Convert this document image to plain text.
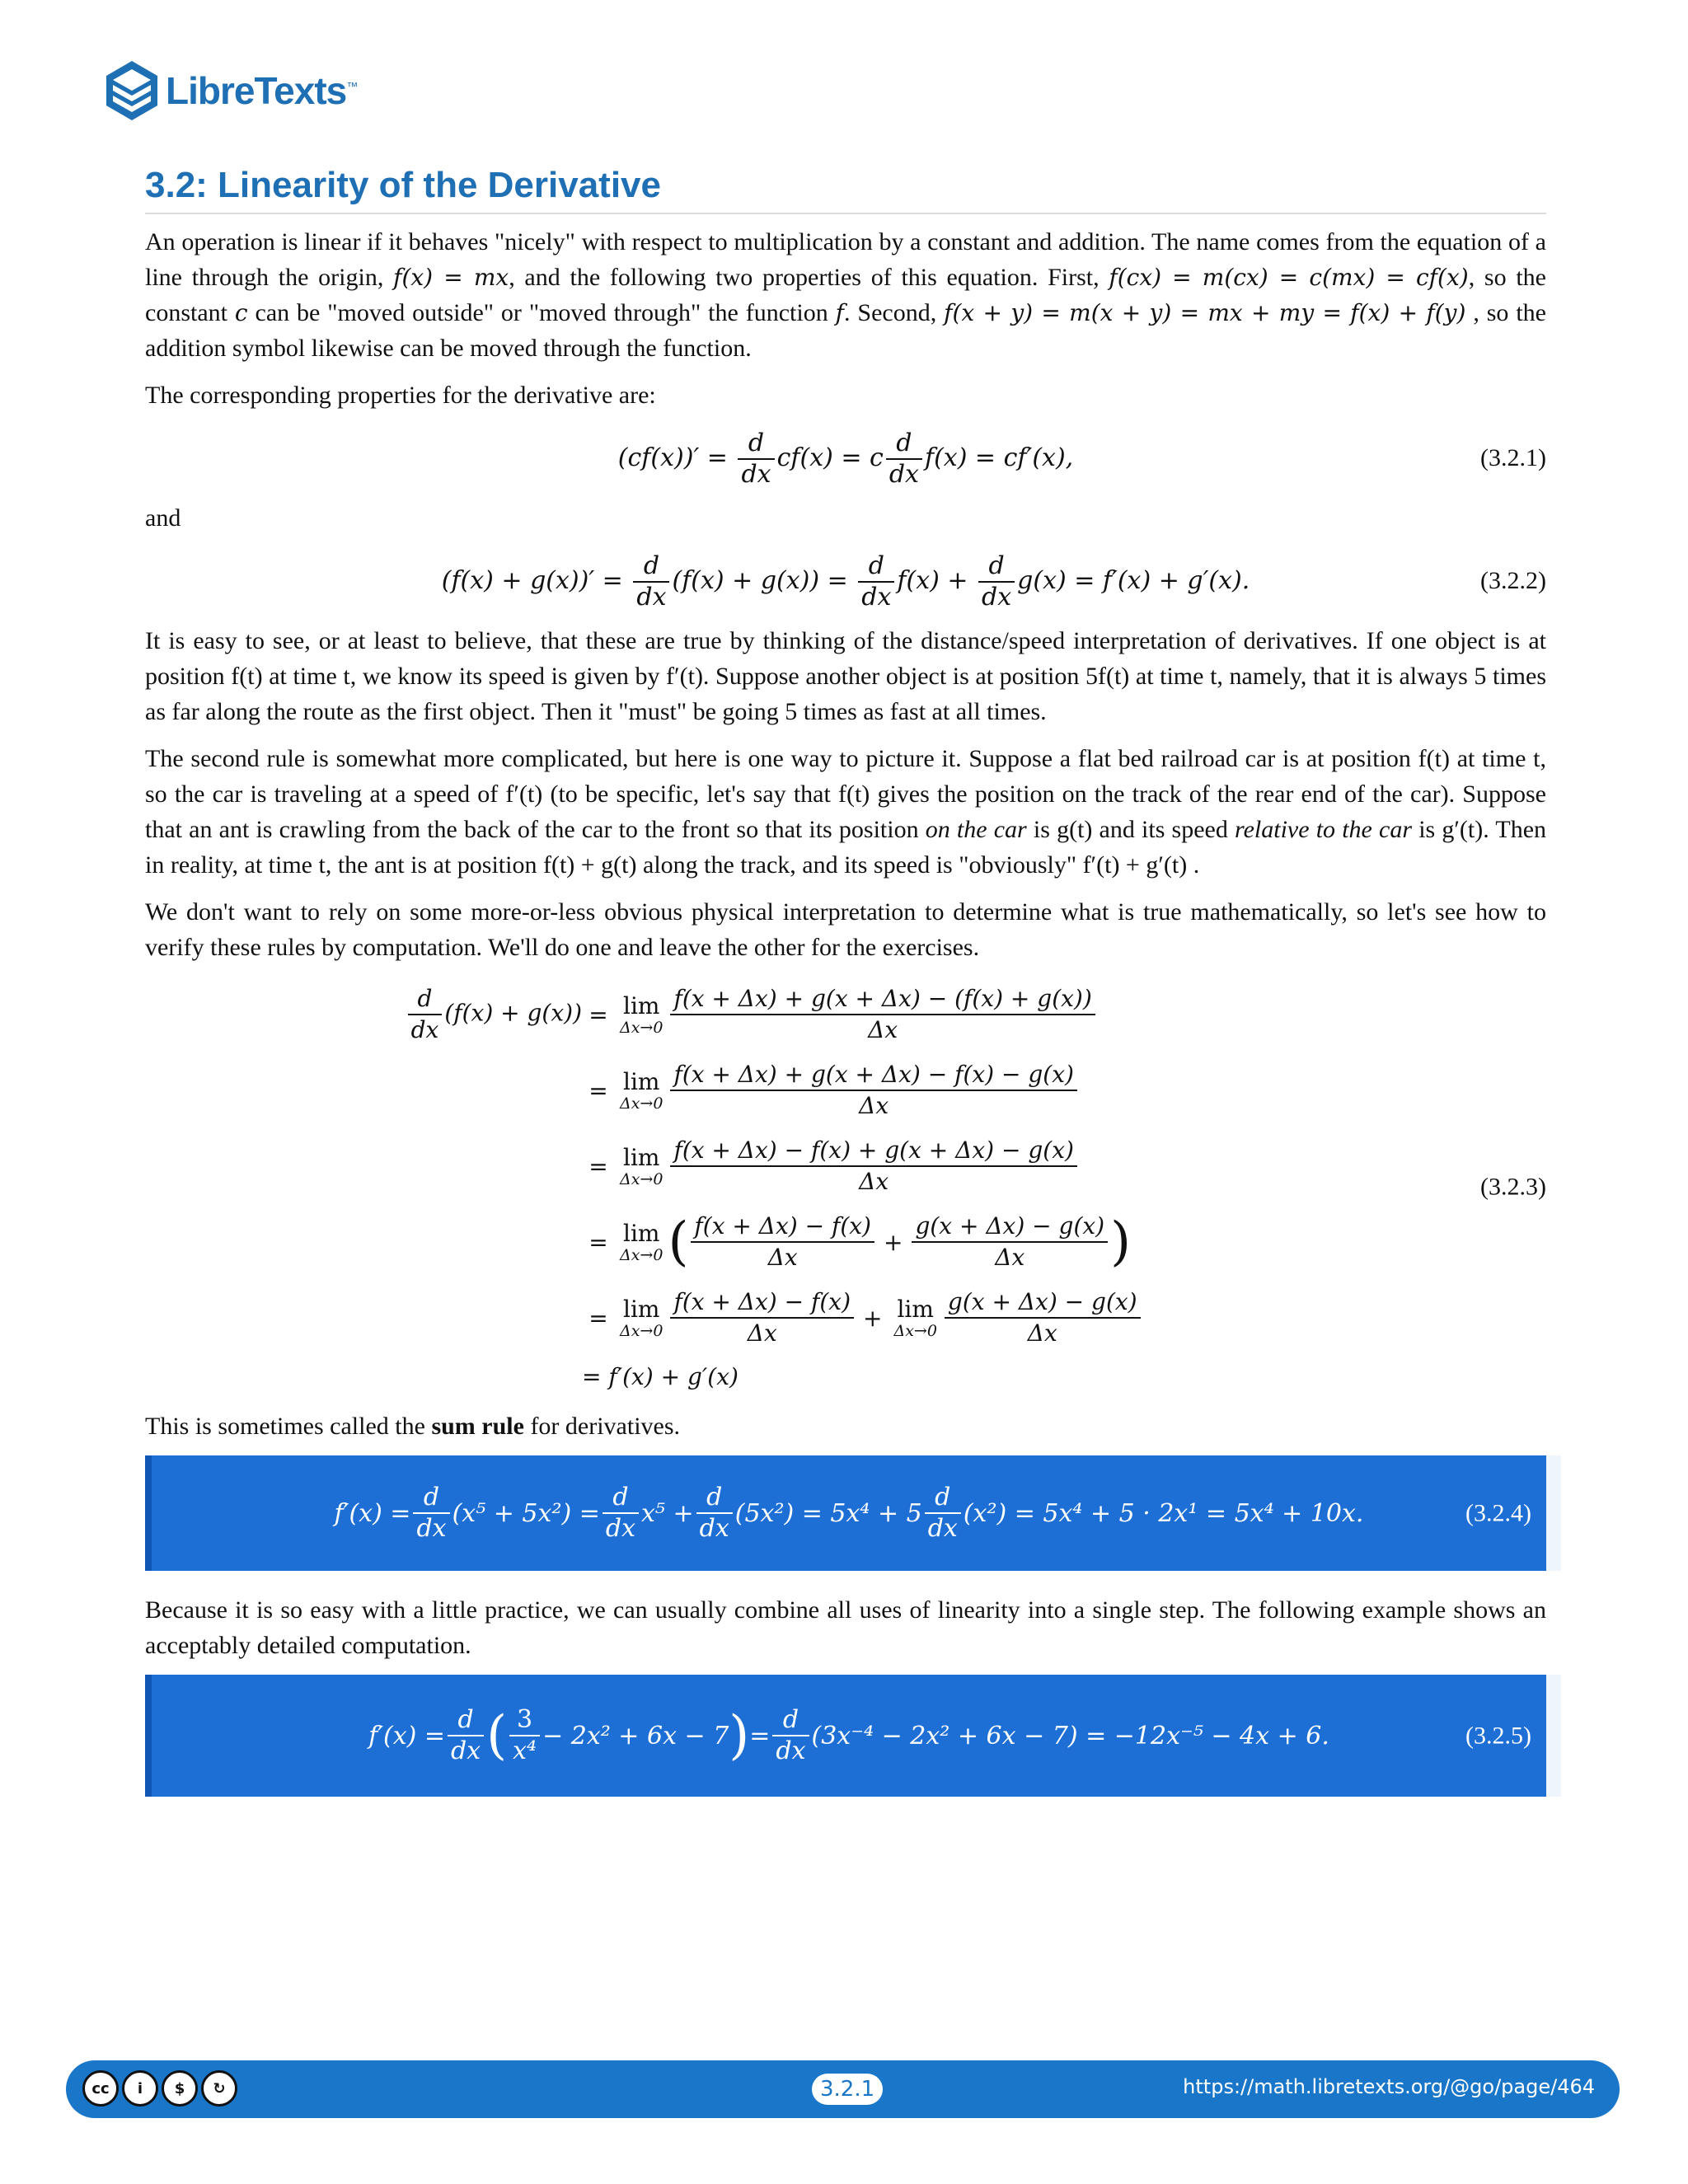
LibreTexts™
3.2: Linearity of the Derivative

An operation is linear if it behaves "nicely" with respect to multiplication by a constant and addition. The name comes from the equation of a line through the origin, f(x) = mx, and the following two properties of this equation. First, f(cx) = m(cx) = c(mx) = cf(x), so the constant c can be "moved outside" or "moved through" the function f. Second, f(x + y) = m(x + y) = mx + my = f(x) + f(y) , so the addition symbol likewise can be moved through the function.

The corresponding properties for the derivative are:

$(cf(x))' = \frac{d}{dx} cf(x) = c \frac{d}{dx} f(x) = cf'(x)$,	(3.2.1)

and

$(f(x) + g(x))' = \frac{d}{dx} (f(x) + g(x)) = \frac{d}{dx} f(x) + \frac{d}{dx} g(x) = f'(x) + g'(x)$.	(3.2.2)

It is easy to see, or at least to believe, that these are true by thinking of the distance/speed interpretation of derivatives. If one object is at position f(t) at time t, we know its speed is given by f′(t). Suppose another object is at position 5f(t) at time t, namely, that it is always 5 times as far along the route as the first object. Then it "must" be going 5 times as fast at all times.

The second rule is somewhat more complicated, but here is one way to picture it. Suppose a flat bed railroad car is at position f(t) at time t, so the car is traveling at a speed of f′(t) (to be specific, let's say that f(t) gives the position on the track of the rear end of the car). Suppose that an ant is crawling from the back of the car to the front so that its position on the car is g(t) and its speed relative to the car is g′(t). Then in reality, at time t, the ant is at position f(t) + g(t) along the track, and its speed is "obviously" f′(t) + g′(t) .

We don't want to rely on some more-or-less obvious physical interpretation to determine what is true mathematically, so let's see how to verify these rules by computation. We'll do one and leave the other for the exercises.

$\frac{d}{dx} (f(x) + g(x)) = \lim$
$\Delta x\to 0 \frac{f(x + \Delta x) + g(x + \Delta x) - (f(x) + g(x))}{\Delta x}$
= lim
$\Delta x\to 0 \frac{f(x + \Delta x) + g(x + \Delta x) - f(x) - g(x)}{\Delta x}$
= lim
$\Delta x\to 0 \frac{f(x + \Delta x) - f(x) + g(x + \Delta x) - g(x)}{\Delta x}$
= lim
Δx→0 ( $\frac{f(x + \Delta x) - f(x)}{\Delta x} + \frac{g(x + \Delta x) - g(x)}{\Delta x}$ )
= lim
$\Delta x\to 0 \frac{f(x + \Delta x) - f(x)}{\Delta x} + \lim$
$\Delta x\to 0 \frac{g(x + \Delta x) - g(x)}{\Delta x}$
= f′(x) + g′(x)
(3.2.3)

This is sometimes called the sum rule for derivatives.

$f'(x) = \frac{d}{dx} (x^5 + 5x^2) = \frac{d}{dx} x^5 + \frac{d}{dx} (5x^2) = 5x^4 + 5 \frac{d}{dx} (x^2) = 5x^4 + 5 \cdot 2x^1 = 5x^4 + 10x$.	(3.2.4)

Because it is so easy with a little practice, we can usually combine all uses of linearity into a single step. The following example shows an acceptably detailed computation.

$f'(x) = \frac{d}{dx}$ ( $\frac{3}{\text{x⁴}} - 2x^2 + 6x - 7$ ) = $\frac{d}{dx} (3x^{-4} - 2x^2 + 6x - 7) = -12x^{-5} - 4x + 6$.	(3.2.5)
cc	i	$	↻	3.2.1	https://math.libretexts.org/@go/page/464
